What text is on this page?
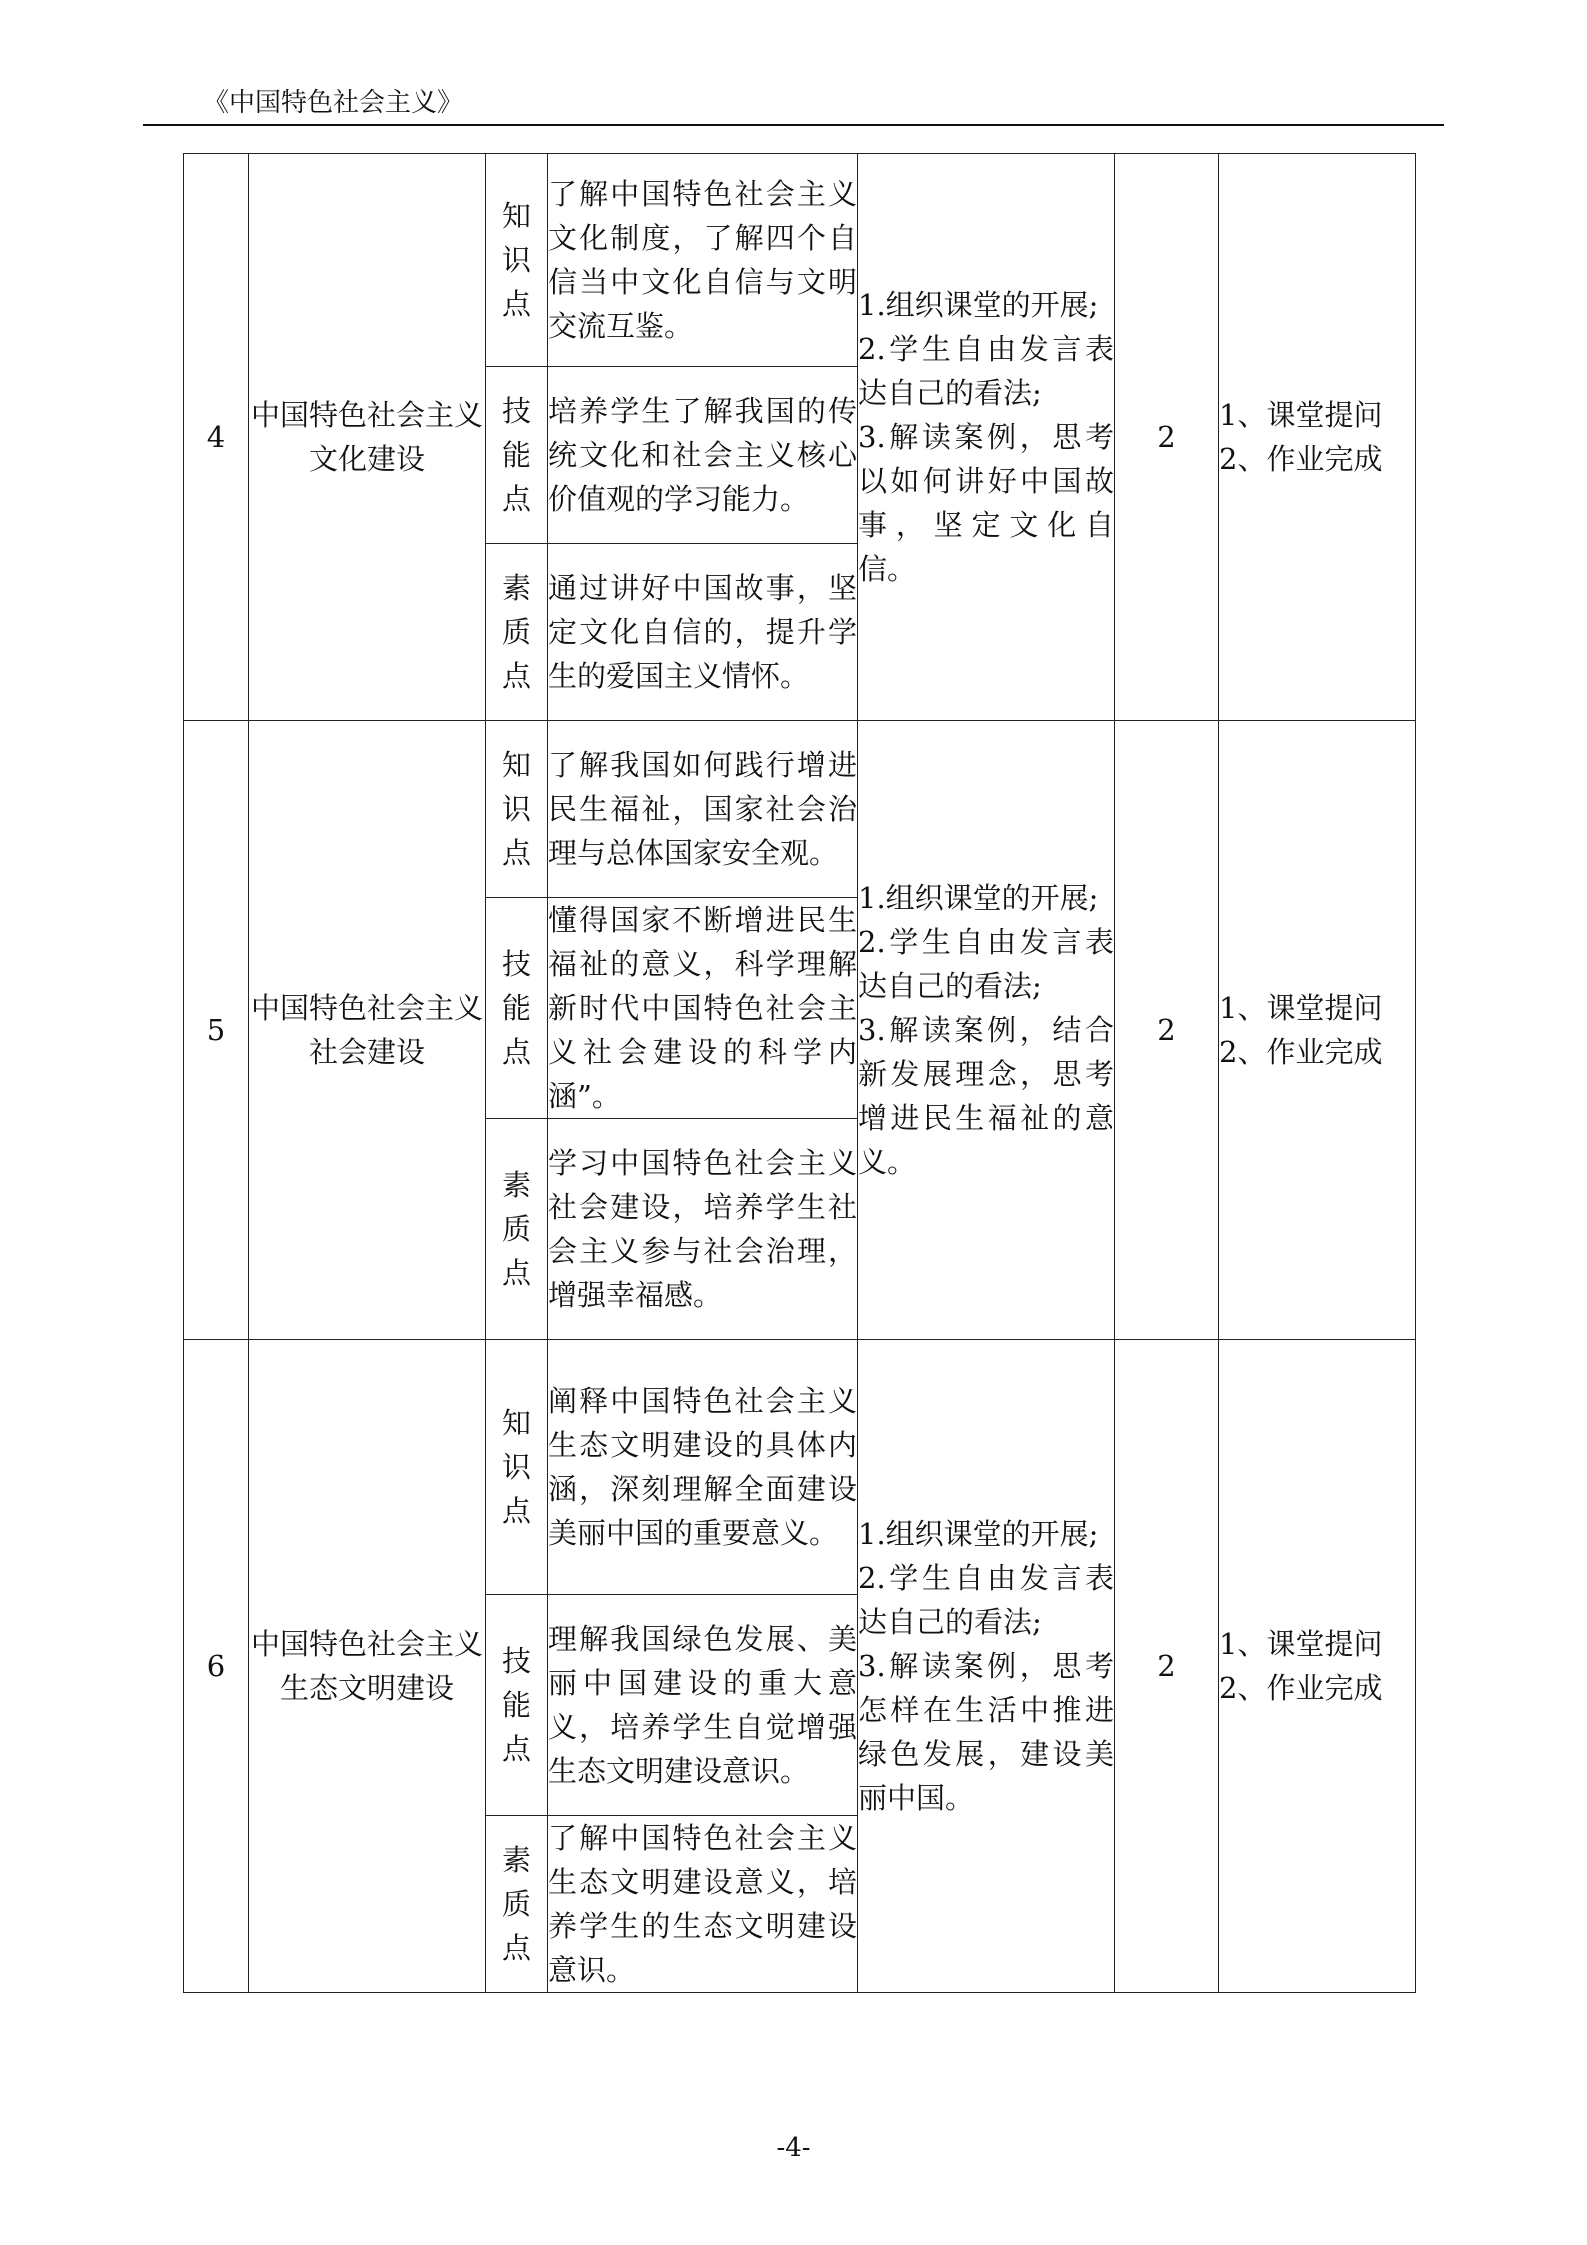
《中国特色社会主义》
4	中国特色社会主义文化建设	知识点	了解中国特色社会主义文化制度，了解四个自信当中文化自信与文明交流互鉴。	1.组织课堂的开展;
2.学生自由发言表达自己的看法;
3.解读案例，思考以如何讲好中国故事，坚定文化自信。	2	1、课堂提问
2、作业完成

		技能点	培养学生了解我国的传统文化和社会主义核心价值观的学习能力。			

		素质点	通过讲好中国故事，坚定文化自信的，提升学生的爱国主义情怀。			
5	中国特色社会主义社会建设	知识点	了解我国如何践行增进民生福祉，国家社会治理与总体国家安全观。	1.组织课堂的开展;
2.学生自由发言表达自己的看法;
3.解读案例，结合新发展理念，思考增进民生福祉的意义。	2	1、课堂提问
2、作业完成

		技能点	懂得国家不断增进民生福祉的意义，科学理解新时代中国特色社会主义社会建设的科学内涵”。			

		素质点	学习中国特色社会主义社会建设，培养学生社会主义参与社会治理，增强幸福感。			
6	中国特色社会主义生态文明建设	知识点	阐释中国特色社会主义生态文明建设的具体内涵，深刻理解全面建设美丽中国的重要意义。	1.组织课堂的开展;
2.学生自由发言表达自己的看法;
3.解读案例，思考怎样在生活中推进绿色发展，建设美丽中国。	2	1、课堂提问
2、作业完成

		技能点	理解我国绿色发展、美丽中国建设的重大意义，培养学生自觉增强生态文明建设意识。			

		素质点	了解中国特色社会主义生态文明建设意义，培养学生的生态文明建设意识。			
-4-
